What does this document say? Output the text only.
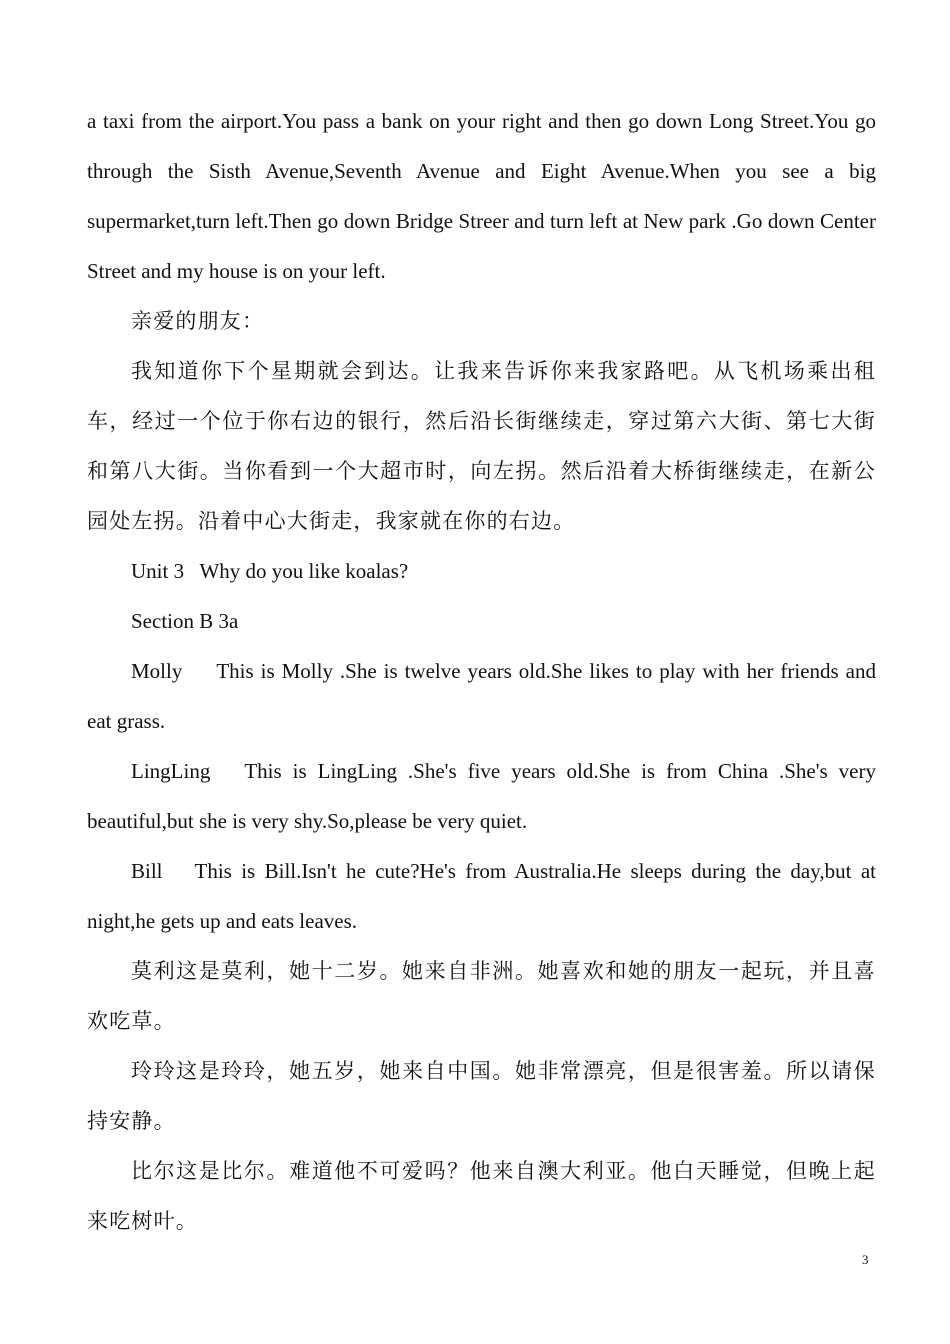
a taxi from the airport.You pass a bank on your right and then go down Long Street.You go through the Sisth Avenue,Seventh Avenue and Eight Avenue.When you see a big supermarket,turn left.Then go down Bridge Streer and turn left at New park .Go down Center Street and my house is on your left.

亲爱的朋友：

我知道你下个星期就会到达。让我来告诉你来我家路吧。从飞机场乘出租车，经过一个位于你右边的银行，然后沿长街继续走，穿过第六大街、第七大街和第八大街。当你看到一个大超市时，向左拐。然后沿着大桥街继续走，在新公园处左拐。沿着中心大街走，我家就在你的右边。

Unit 3   Why do you like koalas?

Section B 3a

Molly This is Molly .She is twelve years old.She likes to play with her friends and eat grass.

LingLing This is LingLing .She's five years old.She is from China .She's very beautiful,but she is very shy.So,please be very quiet.

Bill This is Bill.Isn't he cute?He's from Australia.He sleeps during the day,but at night,he gets up and eats leaves.

莫利这是莫利，她十二岁。她来自非洲。她喜欢和她的朋友一起玩，并且喜欢吃草。

玲玲这是玲玲，她五岁，她来自中国。她非常漂亮，但是很害羞。所以请保持安静。

比尔这是比尔。难道他不可爱吗？他来自澳大利亚。他白天睡觉，但晚上起来吃树叶。

3
